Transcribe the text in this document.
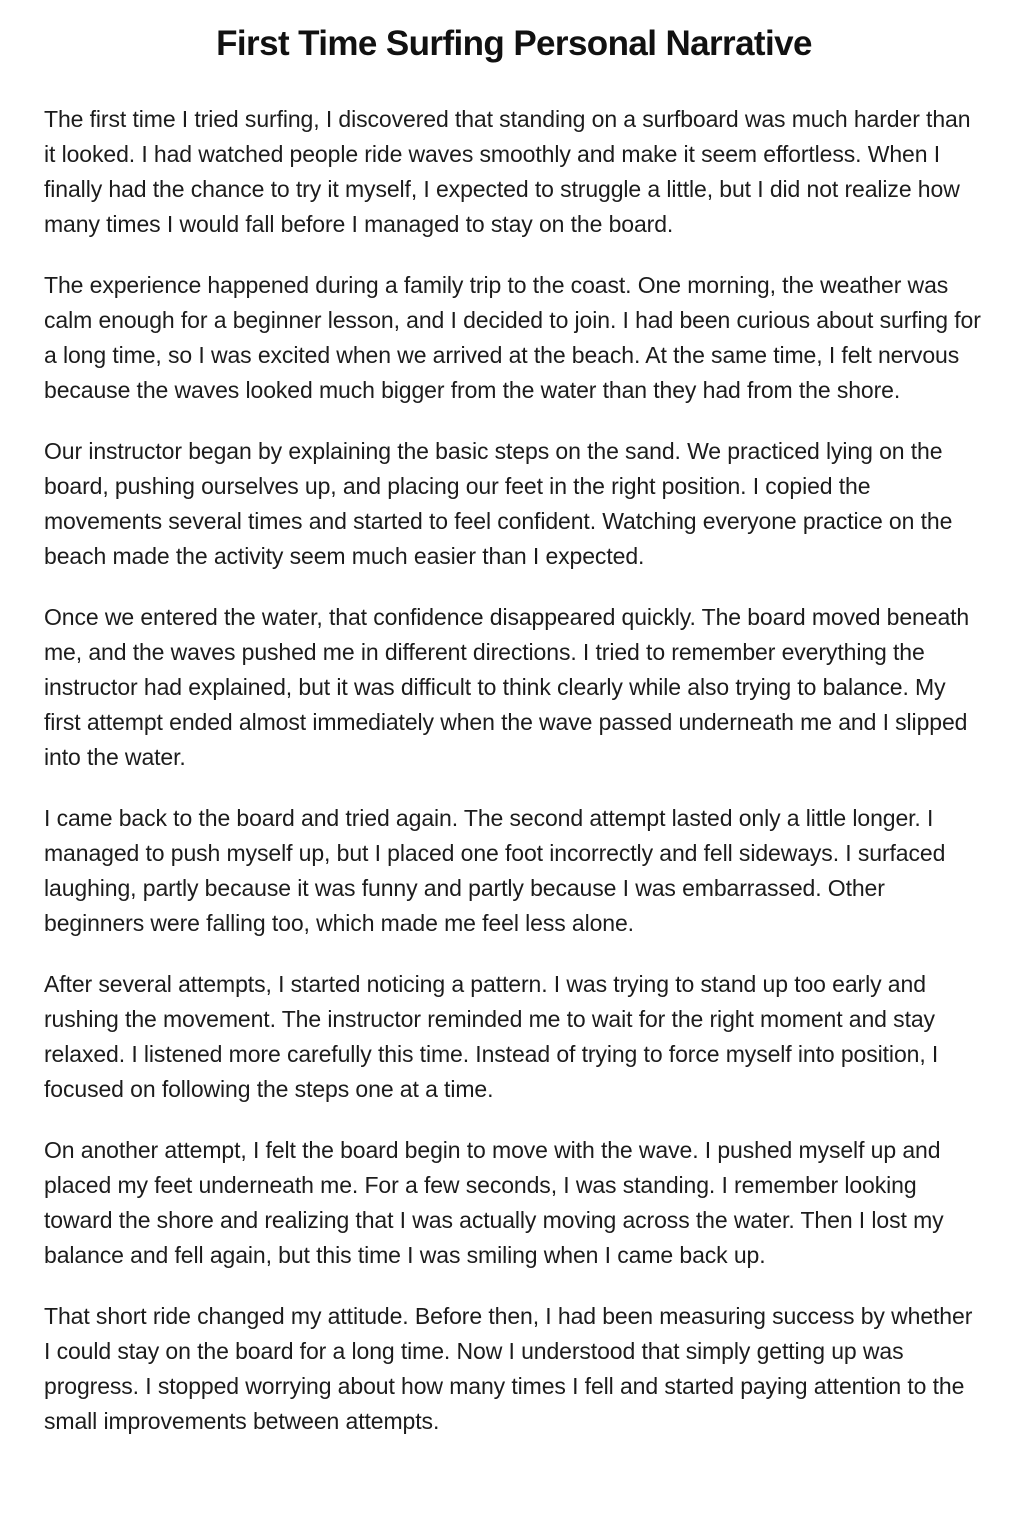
First Time Surfing Personal Narrative

The first time I tried surfing, I discovered that standing on a surfboard was much harder than it looked. I had watched people ride waves smoothly and make it seem effortless. When I finally had the chance to try it myself, I expected to struggle a little, but I did not realize how many times I would fall before I managed to stay on the board.

The experience happened during a family trip to the coast. One morning, the weather was calm enough for a beginner lesson, and I decided to join. I had been curious about surfing for a long time, so I was excited when we arrived at the beach. At the same time, I felt nervous because the waves looked much bigger from the water than they had from the shore.

Our instructor began by explaining the basic steps on the sand. We practiced lying on the board, pushing ourselves up, and placing our feet in the right position. I copied the movements several times and started to feel confident. Watching everyone practice on the beach made the activity seem much easier than I expected.

Once we entered the water, that confidence disappeared quickly. The board moved beneath me, and the waves pushed me in different directions. I tried to remember everything the instructor had explained, but it was difficult to think clearly while also trying to balance. My first attempt ended almost immediately when the wave passed underneath me and I slipped into the water.

I came back to the board and tried again. The second attempt lasted only a little longer. I managed to push myself up, but I placed one foot incorrectly and fell sideways. I surfaced laughing, partly because it was funny and partly because I was embarrassed. Other beginners were falling too, which made me feel less alone.

After several attempts, I started noticing a pattern. I was trying to stand up too early and rushing the movement. The instructor reminded me to wait for the right moment and stay relaxed. I listened more carefully this time. Instead of trying to force myself into position, I focused on following the steps one at a time.

On another attempt, I felt the board begin to move with the wave. I pushed myself up and placed my feet underneath me. For a few seconds, I was standing. I remember looking toward the shore and realizing that I was actually moving across the water. Then I lost my balance and fell again, but this time I was smiling when I came back up.

That short ride changed my attitude. Before then, I had been measuring success by whether I could stay on the board for a long time. Now I understood that simply getting up was progress. I stopped worrying about how many times I fell and started paying attention to the small improvements between attempts.
